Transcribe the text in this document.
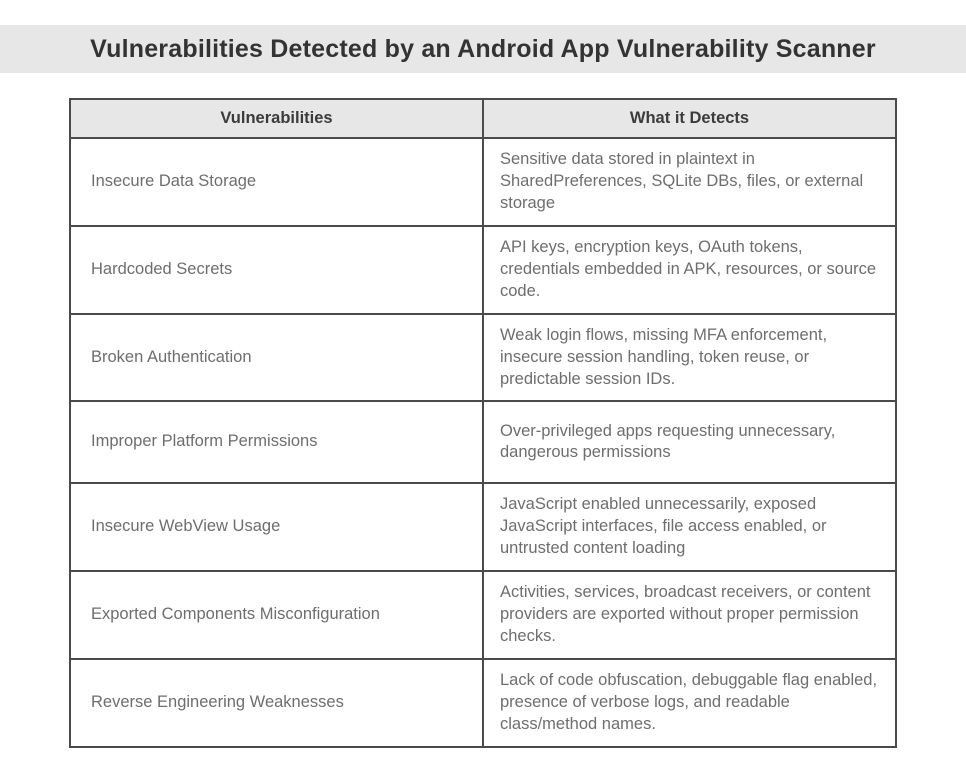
Vulnerabilities Detected by an Android App Vulnerability Scanner
Vulnerabilities	What it Detects
Insecure Data Storage	Sensitive data stored in plaintext in SharedPreferences, SQLite DBs, files, or external storage
Hardcoded Secrets	API keys, encryption keys, OAuth tokens, credentials embedded in APK, resources, or source code.
Broken Authentication	Weak login flows, missing MFA enforcement, insecure session handling, token reuse, or predictable session IDs.
Improper Platform Permissions	Over-privileged apps requesting unnecessary, dangerous permissions
Insecure WebView Usage	JavaScript enabled unnecessarily, exposed JavaScript interfaces, file access enabled, or untrusted content loading
Exported Components Misconfiguration	Activities, services, broadcast receivers, or content providers are exported without proper permission checks.
Reverse Engineering Weaknesses	Lack of code obfuscation, debuggable flag enabled, presence of verbose logs, and readable class/method names.
